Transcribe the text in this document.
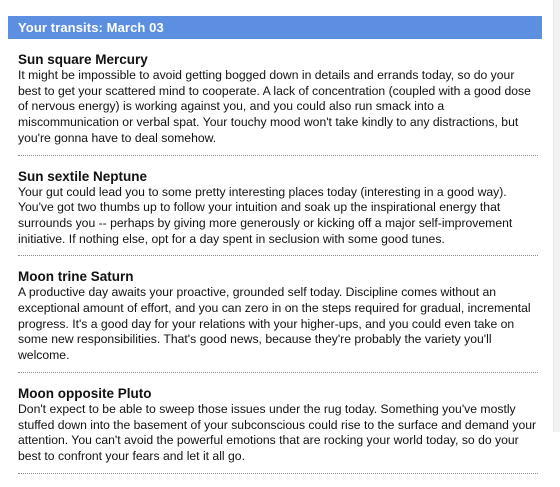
Your transits: March 03
Sun square Mercury

It might be impossible to avoid getting bogged down in details and errands today, so do your best to get your scattered mind to cooperate. A lack of concentration (coupled with a good dose of nervous energy) is working against you, and you could also run smack into a miscommunication or verbal spat. Your touchy mood won't take kindly to any distractions, but you're gonna have to deal somehow.

Sun sextile Neptune

Your gut could lead you to some pretty interesting places today (interesting in a good way). You've got two thumbs up to follow your intuition and soak up the inspirational energy that surrounds you -- perhaps by giving more generously or kicking off a major self-improvement initiative. If nothing else, opt for a day spent in seclusion with some good tunes.

Moon trine Saturn

A productive day awaits your proactive, grounded self today. Discipline comes without an exceptional amount of effort, and you can zero in on the steps required for gradual, incremental progress. It's a good day for your relations with your higher-ups, and you could even take on some new responsibilities. That's good news, because they're probably the variety you'll welcome.

Moon opposite Pluto

Don't expect to be able to sweep those issues under the rug today. Something you've mostly stuffed down into the basement of your subconscious could rise to the surface and demand your attention. You can't avoid the powerful emotions that are rocking your world today, so do your best to confront your fears and let it all go.
